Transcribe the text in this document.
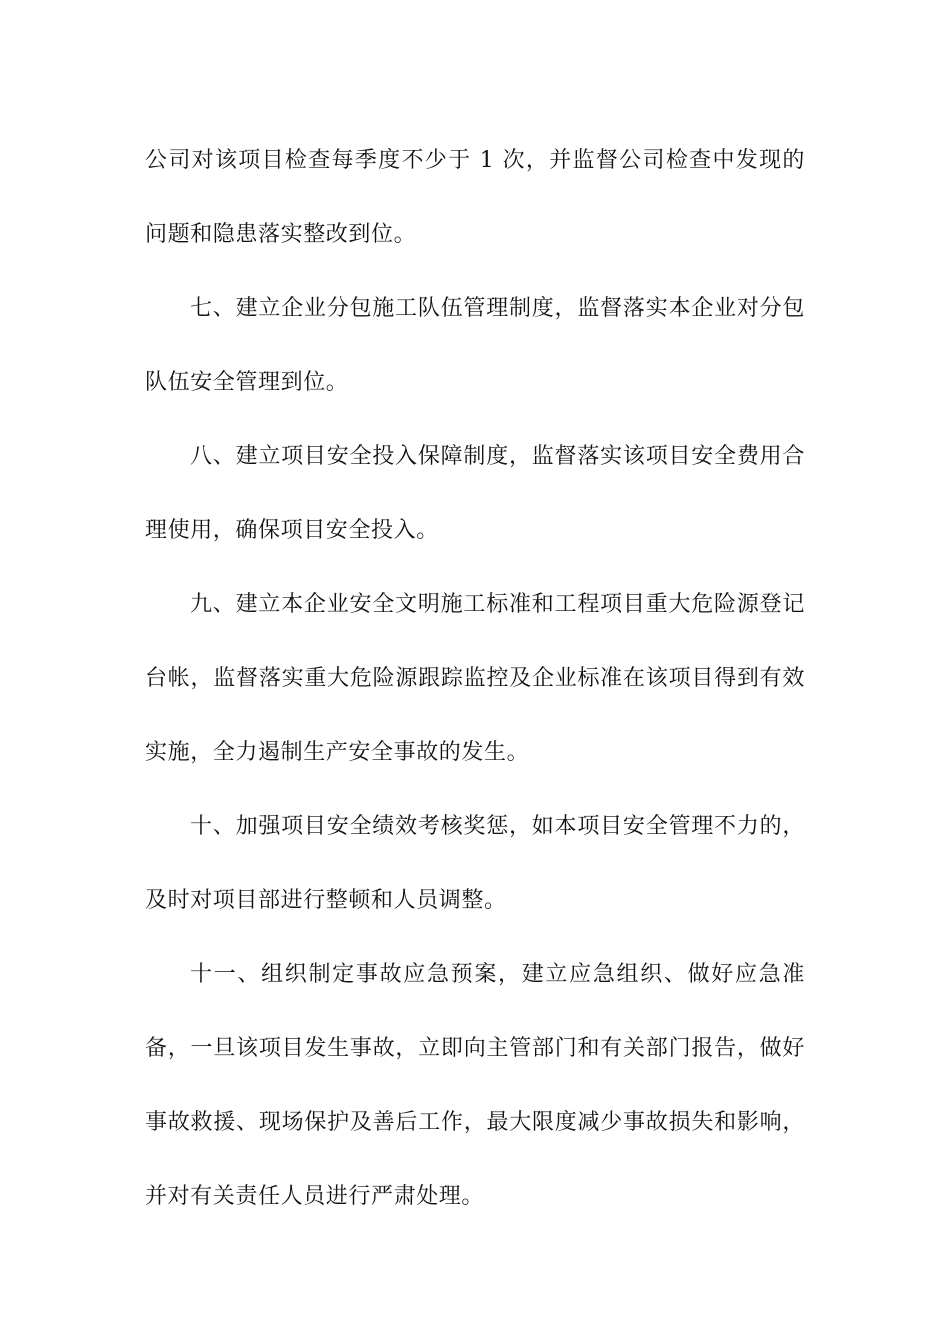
公司对该项目检查每季度不少于 1 次，并监督公司检查中发现的问题和隐患落实整改到位。

七、建立企业分包施工队伍管理制度，监督落实本企业对分包队伍安全管理到位。

八、建立项目安全投入保障制度，监督落实该项目安全费用合理使用，确保项目安全投入。

九、建立本企业安全文明施工标准和工程项目重大危险源登记台帐，监督落实重大危险源跟踪监控及企业标准在该项目得到有效实施，全力遏制生产安全事故的发生。

十、加强项目安全绩效考核奖惩，如本项目安全管理不力的，及时对项目部进行整顿和人员调整。

十一、组织制定事故应急预案，建立应急组织、做好应急准备，一旦该项目发生事故，立即向主管部门和有关部门报告，做好事故救援、现场保护及善后工作，最大限度减少事故损失和影响，并对有关责任人员进行严肃处理。
